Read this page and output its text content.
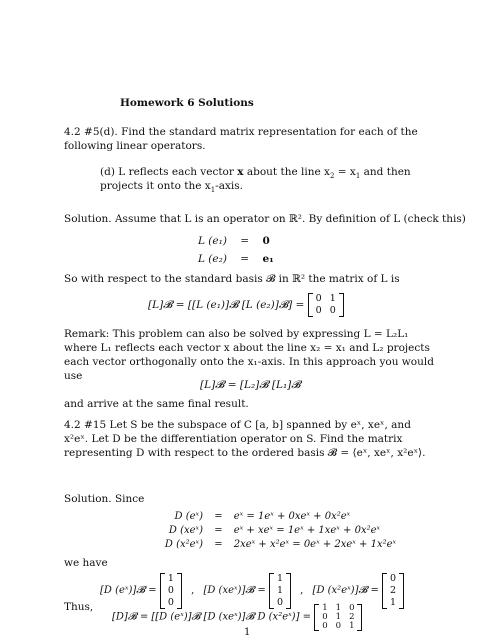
Homework 6 Solutions
4.2 #5(d). Find the standard matrix representation for each of the following linear operators.
(d) L reflects each vector x about the line $x_2 = x_1$ and then projects it onto the $x_1$-axis.
Solution. Assume that L is an operator on ℝ². By definition of L (check this)
L (e₁) = 0
L (e₂) = e₁
So with respect to the standard basis 𝓑 in ℝ² the matrix of L is
[L]𝓑 = [[L (e₁)]𝓑 [L (e₂)]𝓑] =
0	1
0	0
Remark: This problem can also be solved by expressing L = L₂L₁ where L₁ reflects each vector x about the line x₂ = x₁ and L₂ projects each vector orthogonally onto the x₁-axis. In this approach you would use
[L]𝓑 = [L₂]𝓑 [L₁]𝓑
and arrive at the same final result.
4.2 #15 Let S be the subspace of C [a, b] spanned by eˣ, xeˣ, and x²eˣ. Let D be the differentiation operator on S. Find the matrix representing D with respect to the ordered basis 𝓑 = ⟨eˣ, xeˣ, x²eˣ⟩.
Solution. Since
D (eˣ) = eˣ = 1eˣ + 0xeˣ + 0x²eˣ
D (xeˣ) = eˣ + xeˣ = 1eˣ + 1xeˣ + 0x²eˣ
D (x²eˣ) = 2xeˣ + x²eˣ = 0eˣ + 2xeˣ + 1x²eˣ
we have
[D (eˣ)]𝓑 =
1
0
0
, [D (xeˣ)]𝓑 =
1
1
0
, [D (x²eˣ)]𝓑 =
0
2
1
Thus,
[D]𝓑 = [[D (eˣ)]𝓑 [D (xeˣ)]𝓑 D (x²eˣ)] =
1	1	0
0	1	2
0	0	1
1
